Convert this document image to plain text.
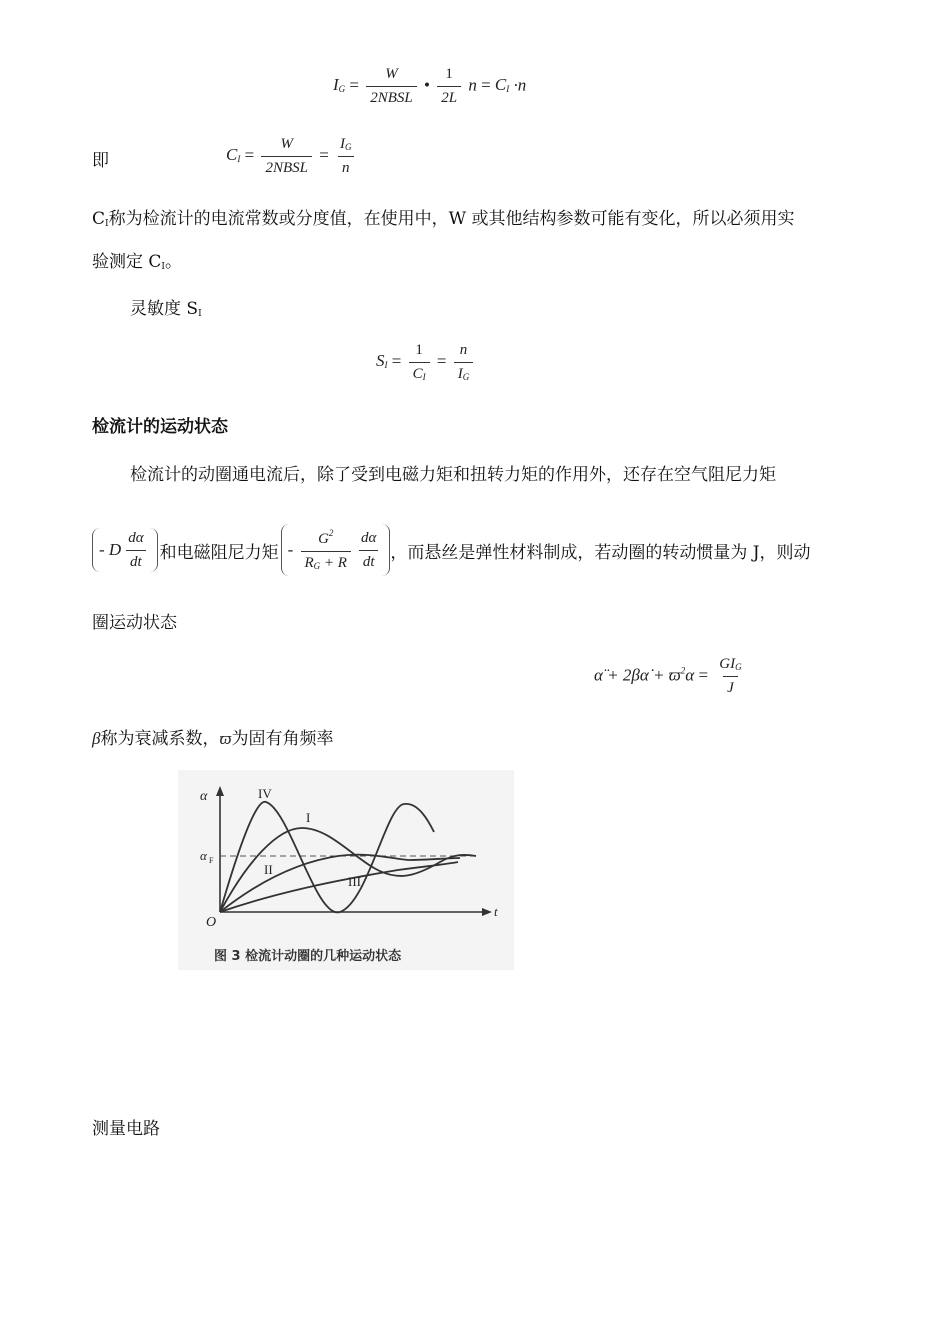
$I_G = \frac{W}{\text{2NBSL}}$ • $\frac{1}{2L}$ $n = C_I \cdot n$
即	$C_I = \frac{W}{\text{2NBSL}} = \frac{I_G}{n}$
$C_I$称为检流计的电流常数或分度值，在使用中，W 或其他结构参数可能有变化，所以必须用实
验测定 $C_I$。
灵敏度 $S_I$
$S_I = \frac{1}{C_I} = \frac{n}{I_G}$
检流计的运动状态
检流计的动圈通电流后，除了受到电磁力矩和扭转力矩的作用外，还存在空气阻尼力矩
-
D $\frac{d\alpha}{dt}$ 和电磁阻尼力矩 -
$\frac{G^2}{R_G + R} \frac{d\alpha}{dt}$ ，而悬丝是弹性材料制成，若动圈的转动惯量为 J，则动
圈运动状态
α̈ + 2βα̇ + $ϖ^2\alpha = \frac{GI_G}{J}$
β称为衰减系数，ϖ为固有角频率
α
t
O
α F
IV
I
II
III
图 3 检流计动圈的几种运动状态
测量电路
